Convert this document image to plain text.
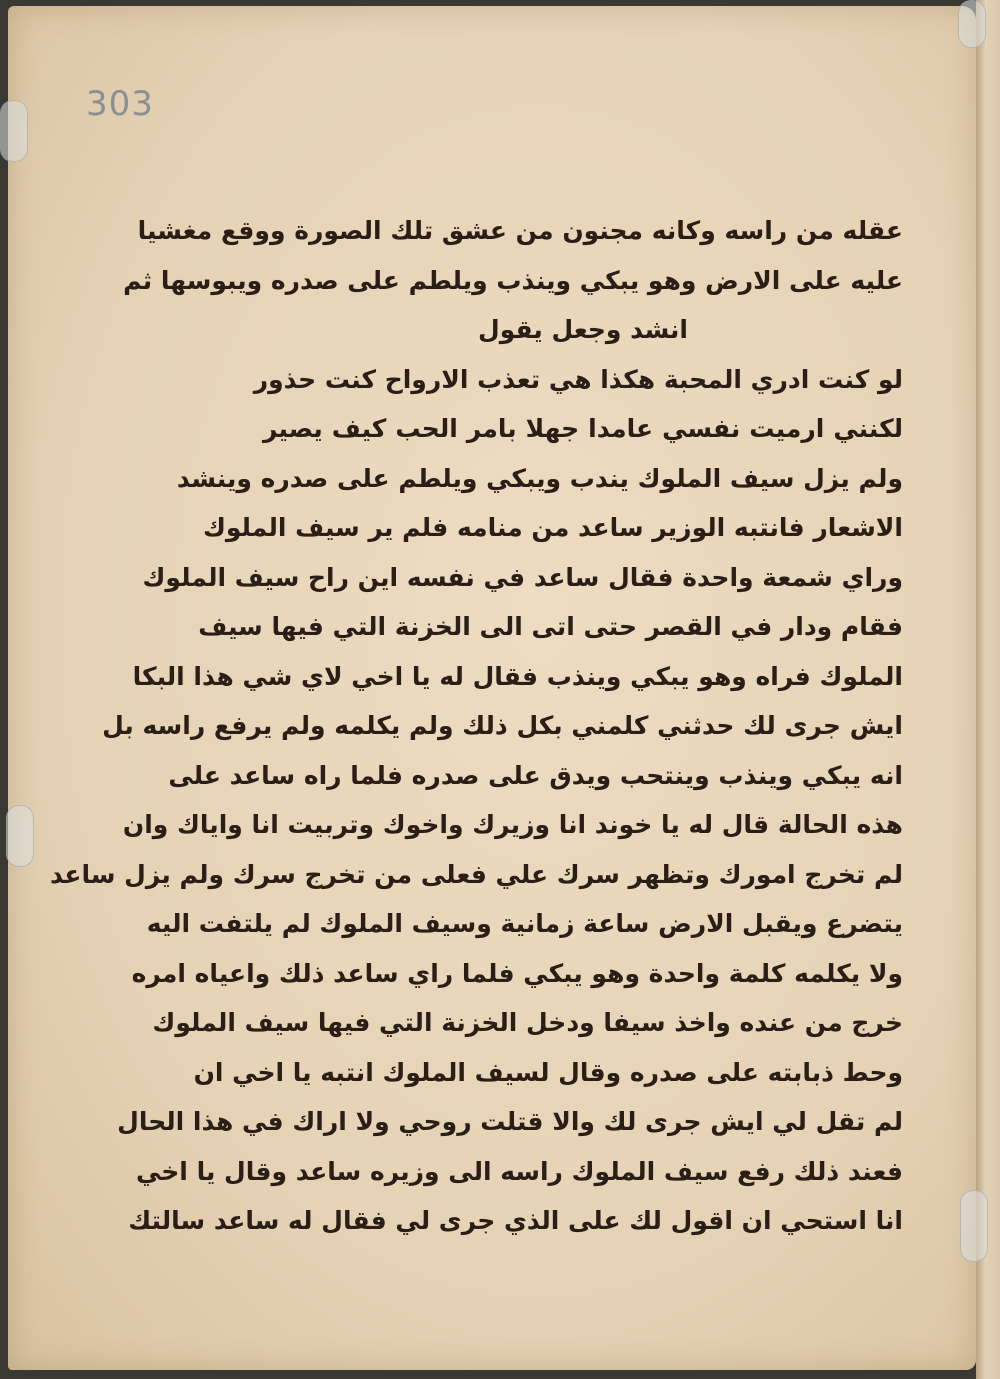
303
عقله من راسه وكانه مجنون من عشق تلك الصورة ووقع مغشيا
عليه على الارض وهو يبكي وينذب ويلطم على صدره ويبوسها ثم
انشد وجعل يقول
لو كنت ادري المحبة هكذا هي تعذب الارواح كنت حذور
لكنني ارميت نفسي عامدا جهلا بامر الحب كيف يصير
ولم يزل سيف الملوك يندب ويبكي ويلطم على صدره وينشد
الاشعار فانتبه الوزير ساعد من منامه فلم ير سيف الملوك
وراي شمعة واحدة فقال ساعد في نفسه اين راح سيف الملوك
فقام ودار في القصر حتى اتى الى الخزنة التي فيها سيف
الملوك فراه وهو يبكي وينذب فقال له يا اخي لاي شي هذا البكا
ايش جرى لك حدثني كلمني بكل ذلك ولم يكلمه ولم يرفع راسه بل
انه يبكي وينذب وينتحب ويدق على صدره فلما راه ساعد على
هذه الحالة قال له يا خوند انا وزيرك واخوك وتربيت انا واياك وان
لم تخرج امورك وتظهر سرك علي فعلى من تخرج سرك ولم يزل ساعد
يتضرع ويقبل الارض ساعة زمانية وسيف الملوك لم يلتفت اليه
ولا يكلمه كلمة واحدة وهو يبكي فلما راي ساعد ذلك واعياه امره
خرج من عنده واخذ سيفا ودخل الخزنة التي فيها سيف الملوك
وحط ذبابته على صدره وقال لسيف الملوك انتبه يا اخي ان
لم تقل لي ايش جرى لك والا قتلت روحي ولا اراك في هذا الحال
فعند ذلك رفع سيف الملوك راسه الى وزيره ساعد وقال يا اخي
انا استحي ان اقول لك على الذي جرى لي فقال له ساعد سالتك
